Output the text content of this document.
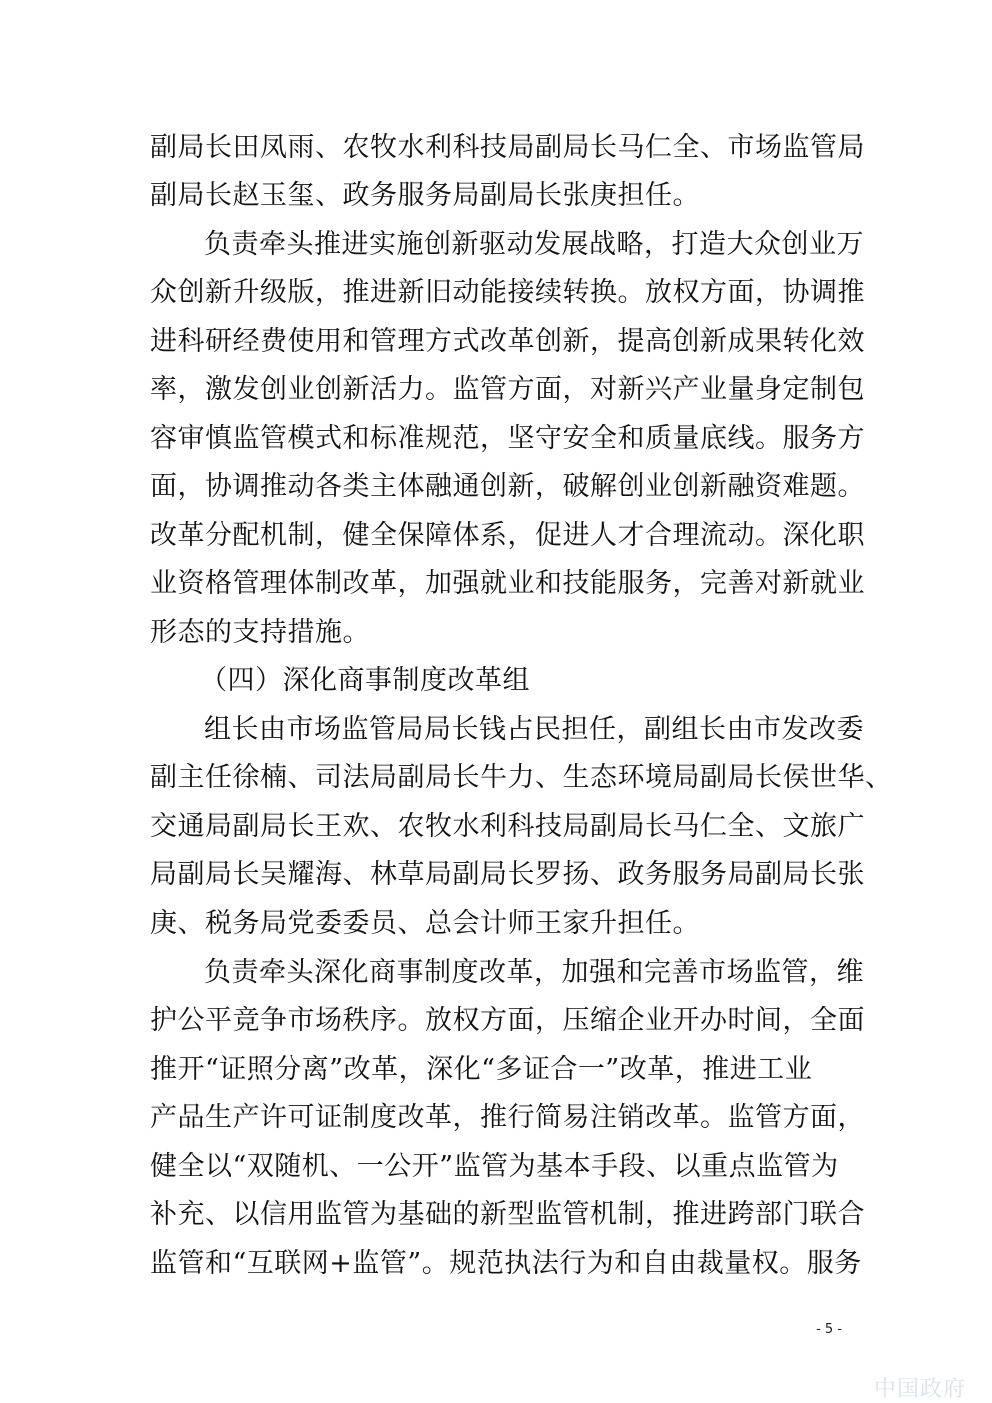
副局长田凤雨、农牧水利科技局副局长马仁全、市场监管局
副局长赵玉玺、政务服务局副局长张庚担任。
负责牵头推进实施创新驱动发展战略，打造大众创业万
众创新升级版，推进新旧动能接续转换。放权方面，协调推
进科研经费使用和管理方式改革创新，提高创新成果转化效
率，激发创业创新活力。监管方面，对新兴产业量身定制包
容审慎监管模式和标准规范，坚守安全和质量底线。服务方
面，协调推动各类主体融通创新，破解创业创新融资难题。
改革分配机制，健全保障体系，促进人才合理流动。深化职
业资格管理体制改革，加强就业和技能服务，完善对新就业
形态的支持措施。
（四）深化商事制度改革组
组长由市场监管局局长钱占民担任，副组长由市发改委
副主任徐楠、司法局副局长牛力、生态环境局副局长侯世华、
交通局副局长王欢、农牧水利科技局副局长马仁全、文旅广
局副局长吴耀海、林草局副局长罗扬、政务服务局副局长张
庚、税务局党委委员、总会计师王家升担任。
负责牵头深化商事制度改革，加强和完善市场监管，维
护公平竞争市场秩序。放权方面，压缩企业开办时间，全面
推开“证照分离”改革，深化“多证合一”改革，推进工业
产品生产许可证制度改革，推行简易注销改革。监管方面，
健全以“双随机、一公开”监管为基本手段、以重点监管为
补充、以信用监管为基础的新型监管机制，推进跨部门联合
监管和“互联网+监管”。规范执法行为和自由裁量权。服务
- 5 -
中国政府
